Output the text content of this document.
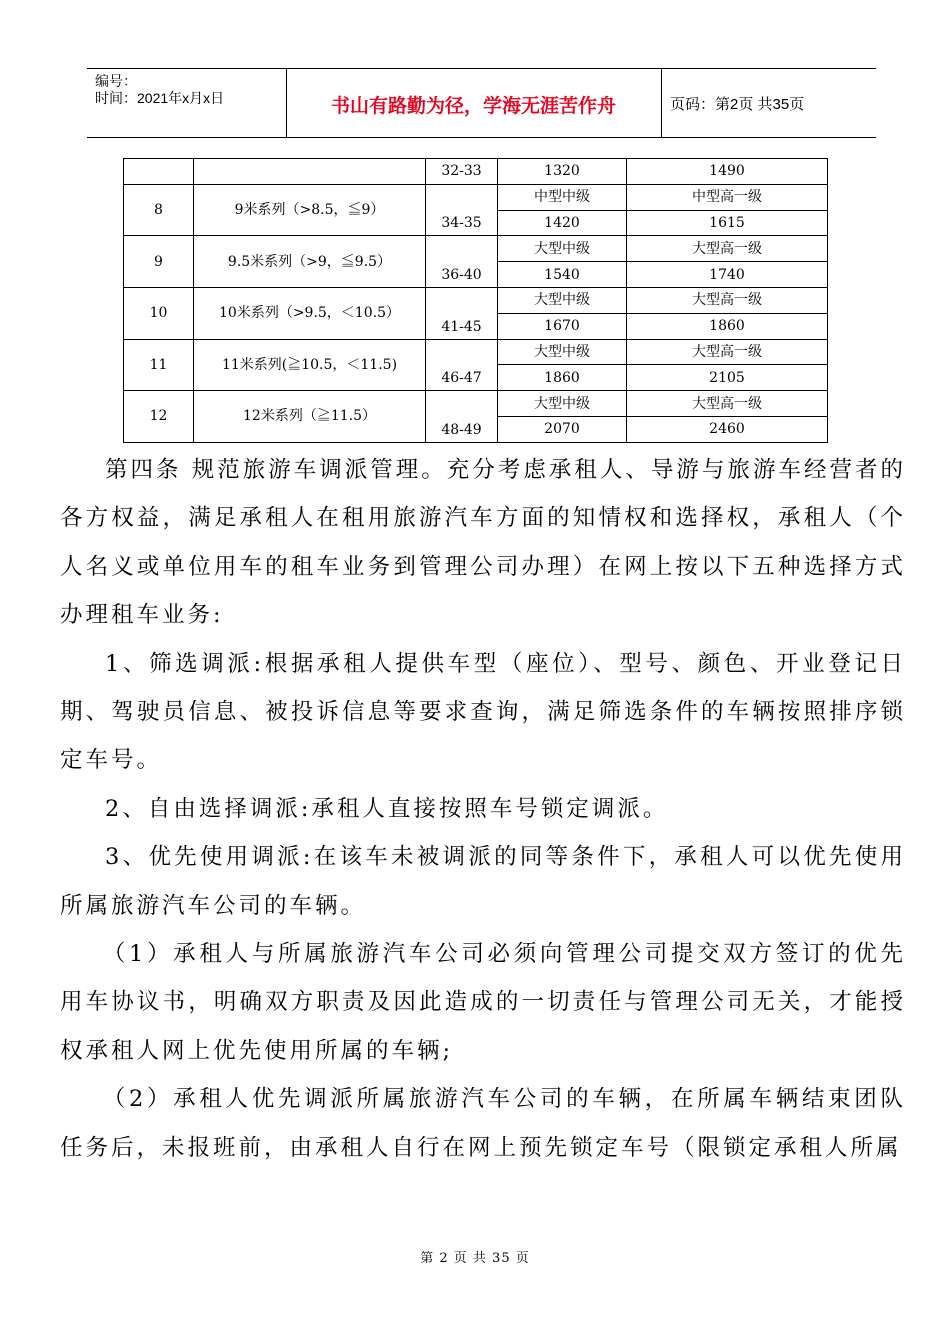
编号：
时间：2021年x月x日	书山有路勤为径，学海无涯苦作舟	页码：第2页 共35页
		32-33	1320	1490
8	9米系列（>8.5，≦9）	34-35	中型中级	中型高一级
			1420	1615
9	9.5米系列（>9，≦9.5）	36-40	大型中级	大型高一级
			1540	1740
10	10米系列（>9.5，＜10.5）	41-45	大型中级	大型高一级
			1670	1860
11	11米系列(≧10.5，＜11.5)	46-47	大型中级	大型高一级
			1860	2105
12	12米系列（≧11.5）	48-49	大型中级	大型高一级
			2070	2460

第四条 规范旅游车调派管理。充分考虑承租人、导游与旅游车经营者的各方权益，满足承租人在租用旅游汽车方面的知情权和选择权，承租人（个人名义或单位用车的租车业务到管理公司办理）在网上按以下五种选择方式办理租车业务:

1、筛选调派:根据承租人提供车型（座位）、型号、颜色、开业登记日期、驾驶员信息、被投诉信息等要求查询，满足筛选条件的车辆按照排序锁定车号。

2、自由选择调派:承租人直接按照车号锁定调派。

3、优先使用调派:在该车未被调派的同等条件下，承租人可以优先使用所属旅游汽车公司的车辆。

（1）承租人与所属旅游汽车公司必须向管理公司提交双方签订的优先用车协议书，明确双方职责及因此造成的一切责任与管理公司无关，才能授权承租人网上优先使用所属的车辆;

（2）承租人优先调派所属旅游汽车公司的车辆，在所属车辆结束团队任务后，未报班前，由承租人自行在网上预先锁定车号（限锁定承租人所属

第 2 页 共 35 页
